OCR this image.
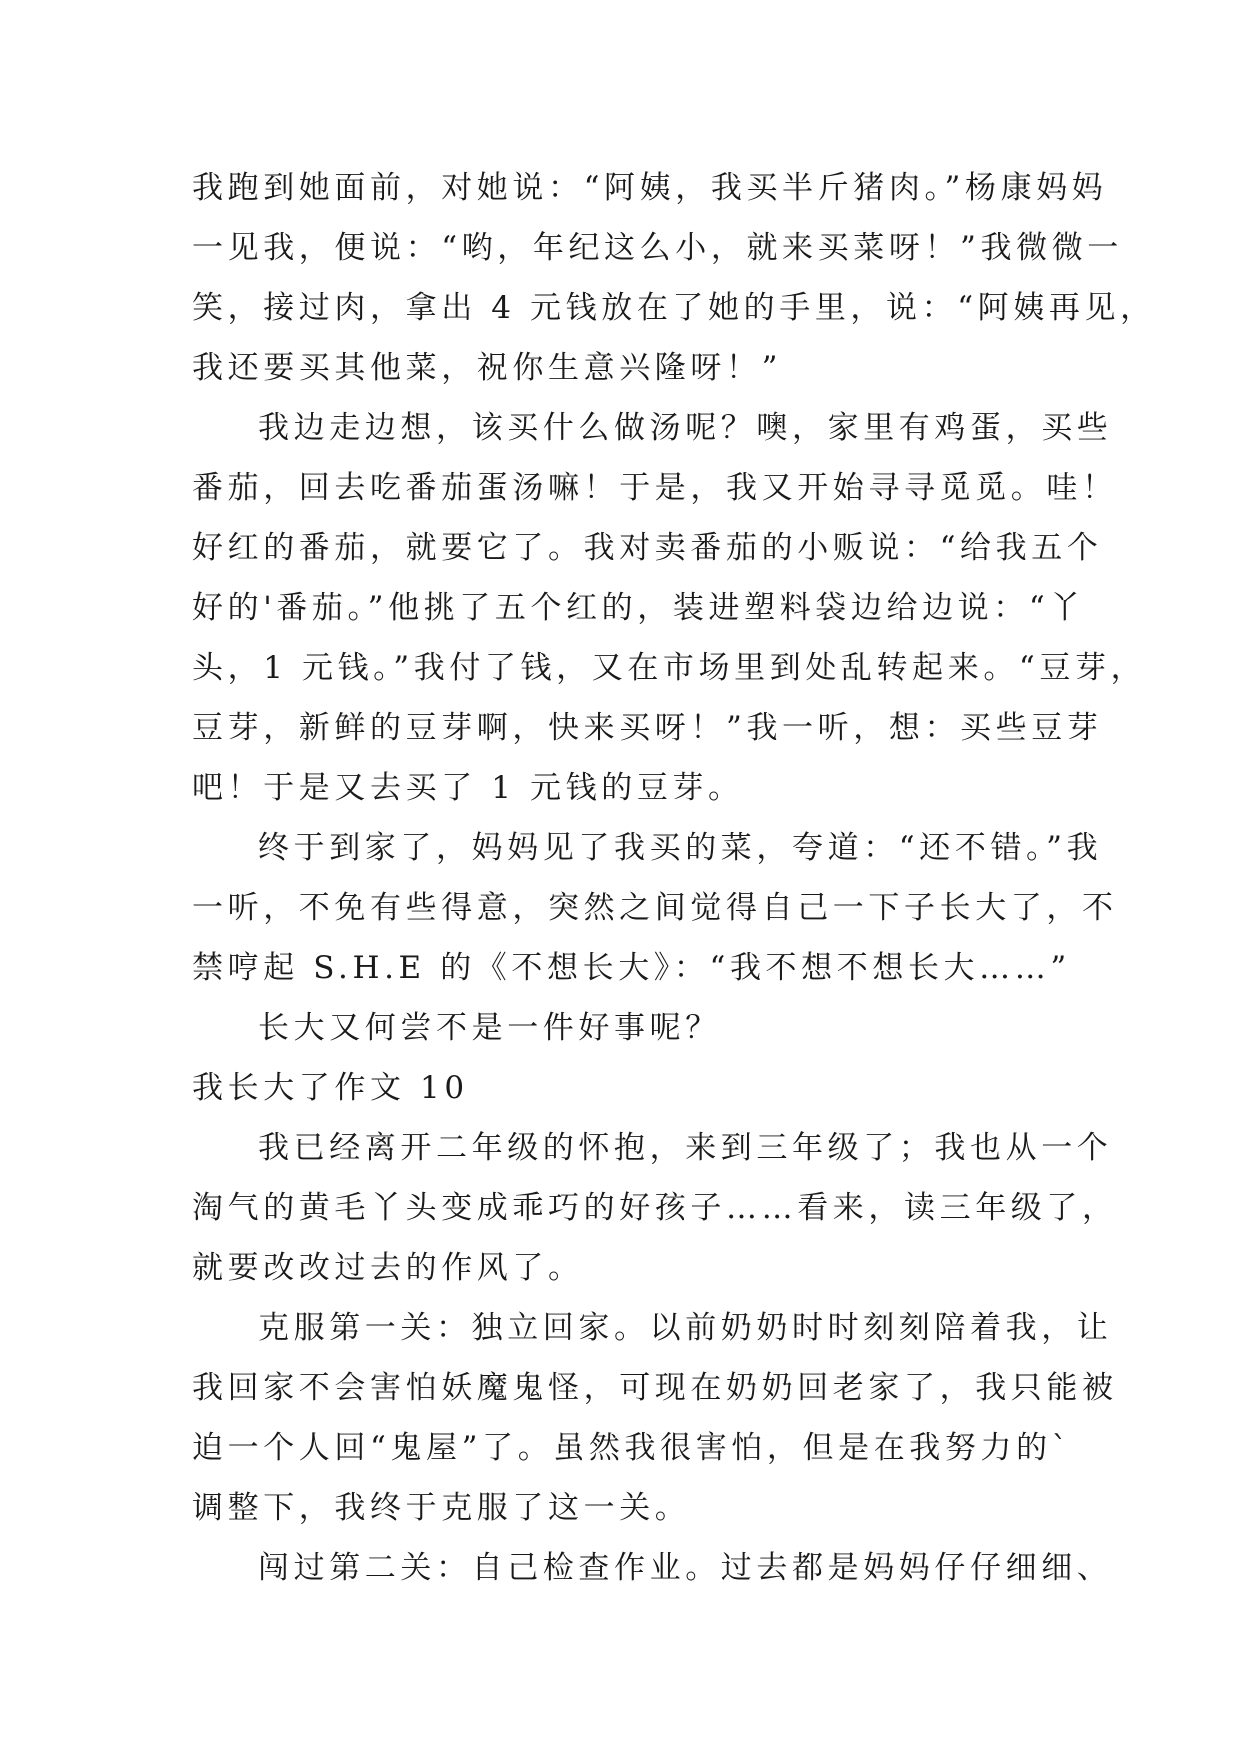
我跑到她面前，对她说：“阿姨，我买半斤猪肉。”杨康妈妈
一见我，便说：“哟，年纪这么小，就来买菜呀！”我微微一
笑，接过肉，拿出 4 元钱放在了她的手里，说：“阿姨再见，
我还要买其他菜，祝你生意兴隆呀！”
我边走边想，该买什么做汤呢？噢，家里有鸡蛋，买些
番茄，回去吃番茄蛋汤嘛！于是，我又开始寻寻觅觅。哇！
好红的番茄，就要它了。我对卖番茄的小贩说：“给我五个
好的'番茄。”他挑了五个红的，装进塑料袋边给边说：“丫
头，1 元钱。”我付了钱，又在市场里到处乱转起来。“豆芽，
豆芽，新鲜的豆芽啊，快来买呀！”我一听，想：买些豆芽
吧！于是又去买了 1 元钱的豆芽。
终于到家了，妈妈见了我买的菜，夸道：“还不错。”我
一听，不免有些得意，突然之间觉得自己一下子长大了，不
禁哼起 S.H.E 的《不想长大》：“我不想不想长大……”
长大又何尝不是一件好事呢？
我长大了作文 10
我已经离开二年级的怀抱，来到三年级了；我也从一个
淘气的黄毛丫头变成乖巧的好孩子……看来，读三年级了，
就要改改过去的作风了。
克服第一关：独立回家。以前奶奶时时刻刻陪着我，让
我回家不会害怕妖魔鬼怪，可现在奶奶回老家了，我只能被
迫一个人回“鬼屋”了。虽然我很害怕，但是在我努力的`
调整下，我终于克服了这一关。
闯过第二关：自己检查作业。过去都是妈妈仔仔细细、
